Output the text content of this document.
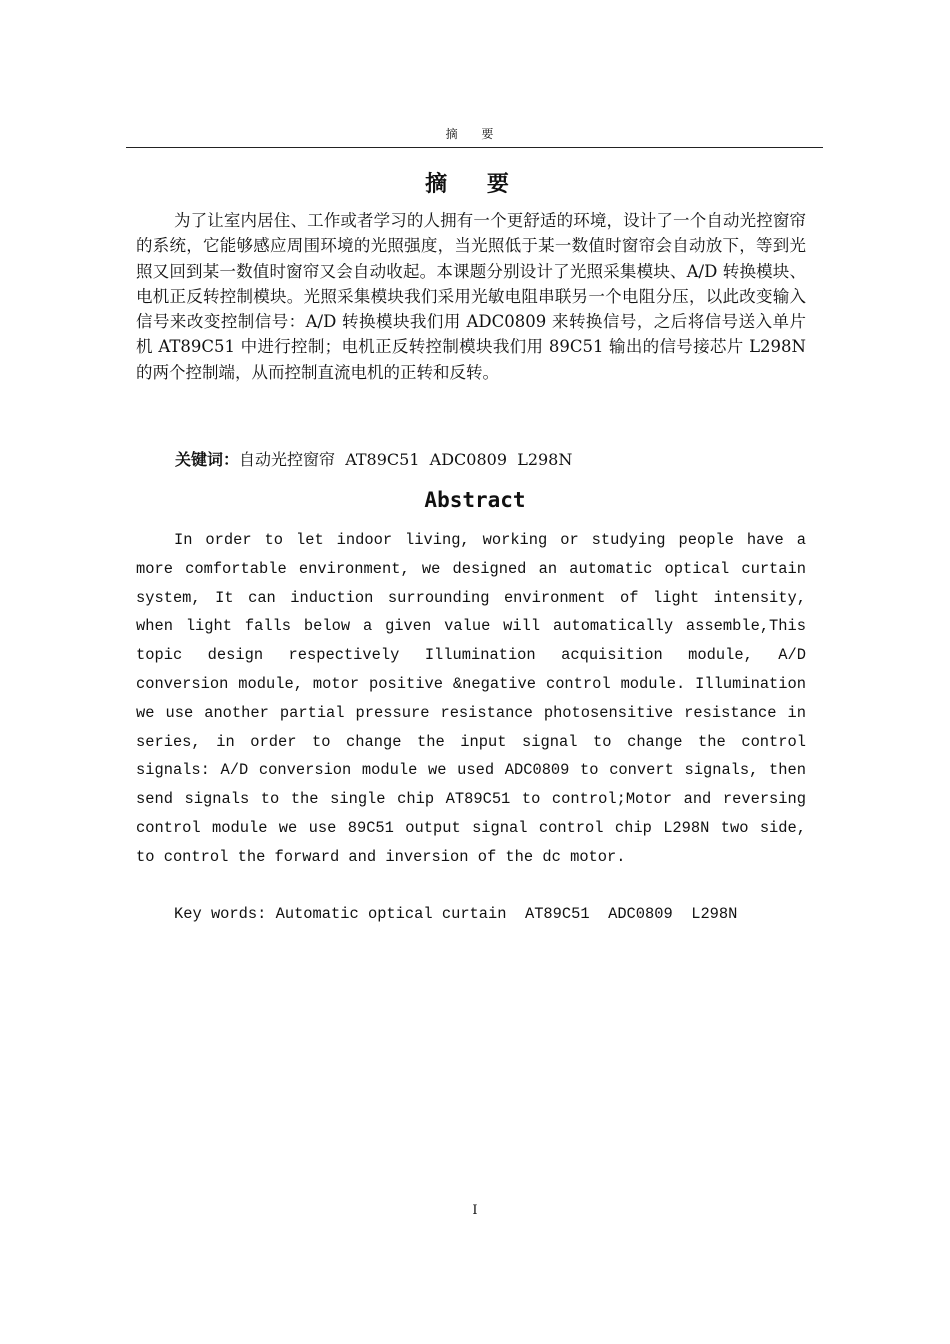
摘 要
摘 要

为了让室内居住、工作或者学习的人拥有一个更舒适的环境，设计了一个自动光控窗帘的系统，它能够感应周围环境的光照强度，当光照低于某一数值时窗帘会自动放下，等到光照又回到某一数值时窗帘又会自动收起。本课题分别设计了光照采集模块、A/D 转换模块、电机正反转控制模块。光照采集模块我们采用光敏电阻串联另一个电阻分压，以此改变输入信号来改变控制信号：A/D 转换模块我们用 ADC0809 来转换信号，之后将信号送入单片机 AT89C51 中进行控制；电机正反转控制模块我们用 89C51 输出的信号接芯片 L298N 的两个控制端，从而控制直流电机的正转和反转。

关键词：自动光控窗帘  AT89C51  ADC0809  L298N
Abstract

In order to let indoor living, working or studying people have a more comfortable environment, we designed an automatic optical curtain system, It can induction surrounding environment of light intensity, when light falls below a given value will automatically assemble,This topic design respectively Illumination acquisition module, A/D conversion module, motor positive &negative control module. Illumination we use another partial pressure resistance photosensitive resistance in series, in order to change the input signal to change the control signals: A/D conversion module we used ADC0809 to convert signals, then send signals to the single chip AT89C51 to control;Motor and reversing control module we use 89C51 output signal control chip L298N two side, to control the forward and inversion of the dc motor.

Key words: Automatic optical curtain  AT89C51  ADC0809  L298N
I
